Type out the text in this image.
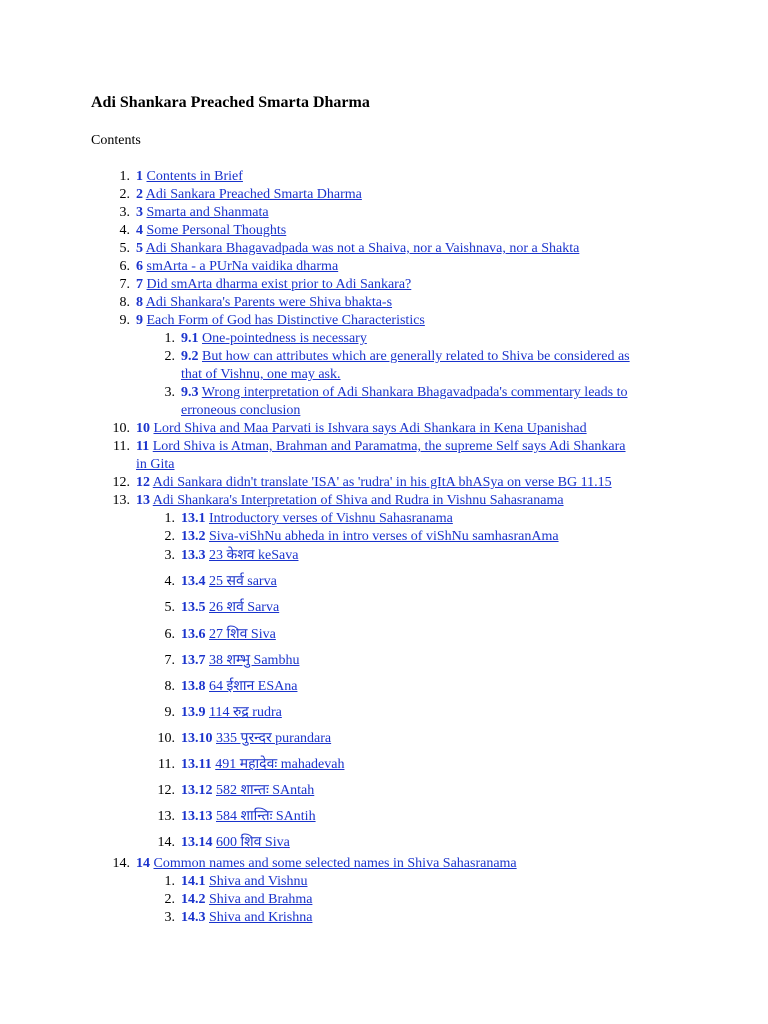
Adi Shankara Preached Smarta Dharma
Contents
1. 1 Contents in Brief
2. 2 Adi Sankara Preached Smarta Dharma
3. 3 Smarta and Shanmata
4. 4 Some Personal Thoughts
5. 5 Adi Shankara Bhagavadpada was not a Shaiva, nor a Vaishnava, nor a Shakta
6. 6 smArta - a PUrNa vaidika dharma
7. 7 Did smArta dharma exist prior to Adi Sankara?
8. 8 Adi Shankara's Parents were Shiva bhakta-s
9. 9 Each Form of God has Distinctive Characteristics
1. 9.1 One-pointedness is necessary
2. 9.2 But how can attributes which are generally related to Shiva be considered as
that of Vishnu, one may ask.
3. 9.3 Wrong interpretation of Adi Shankara Bhagavadpada's commentary leads to
erroneous conclusion
10. 10 Lord Shiva and Maa Parvati is Ishvara says Adi Shankara in Kena Upanishad
11. 11 Lord Shiva is Atman, Brahman and Paramatma, the supreme Self says Adi Shankara
in Gita
12. 12 Adi Sankara didn't translate 'ISA' as 'rudra' in his gItA bhASya on verse BG 11.15
13. 13 Adi Shankara's Interpretation of Shiva and Rudra in Vishnu Sahasranama
1. 13.1 Introductory verses of Vishnu Sahasranama
2. 13.2 Siva-viShNu abheda in intro verses of viShNu samhasranAma
3. 13.3 23 केशव keSava
4. 13.4 25 सर्व sarva
5. 13.5 26 शर्व Sarva
6. 13.6 27 शिव Siva
7. 13.7 38 शम्भु Sambhu
8. 13.8 64 ईशान ESAna
9. 13.9 114 रुद्र rudra
10. 13.10 335 पुरन्दर purandara
11. 13.11 491 महादेवः mahadevah
12. 13.12 582 शान्तः SAntah
13. 13.13 584 शान्तिः SAntih
14. 13.14 600 शिव Siva
14. 14 Common names and some selected names in Shiva Sahasranama
1. 14.1 Shiva and Vishnu
2. 14.2 Shiva and Brahma
3. 14.3 Shiva and Krishna
